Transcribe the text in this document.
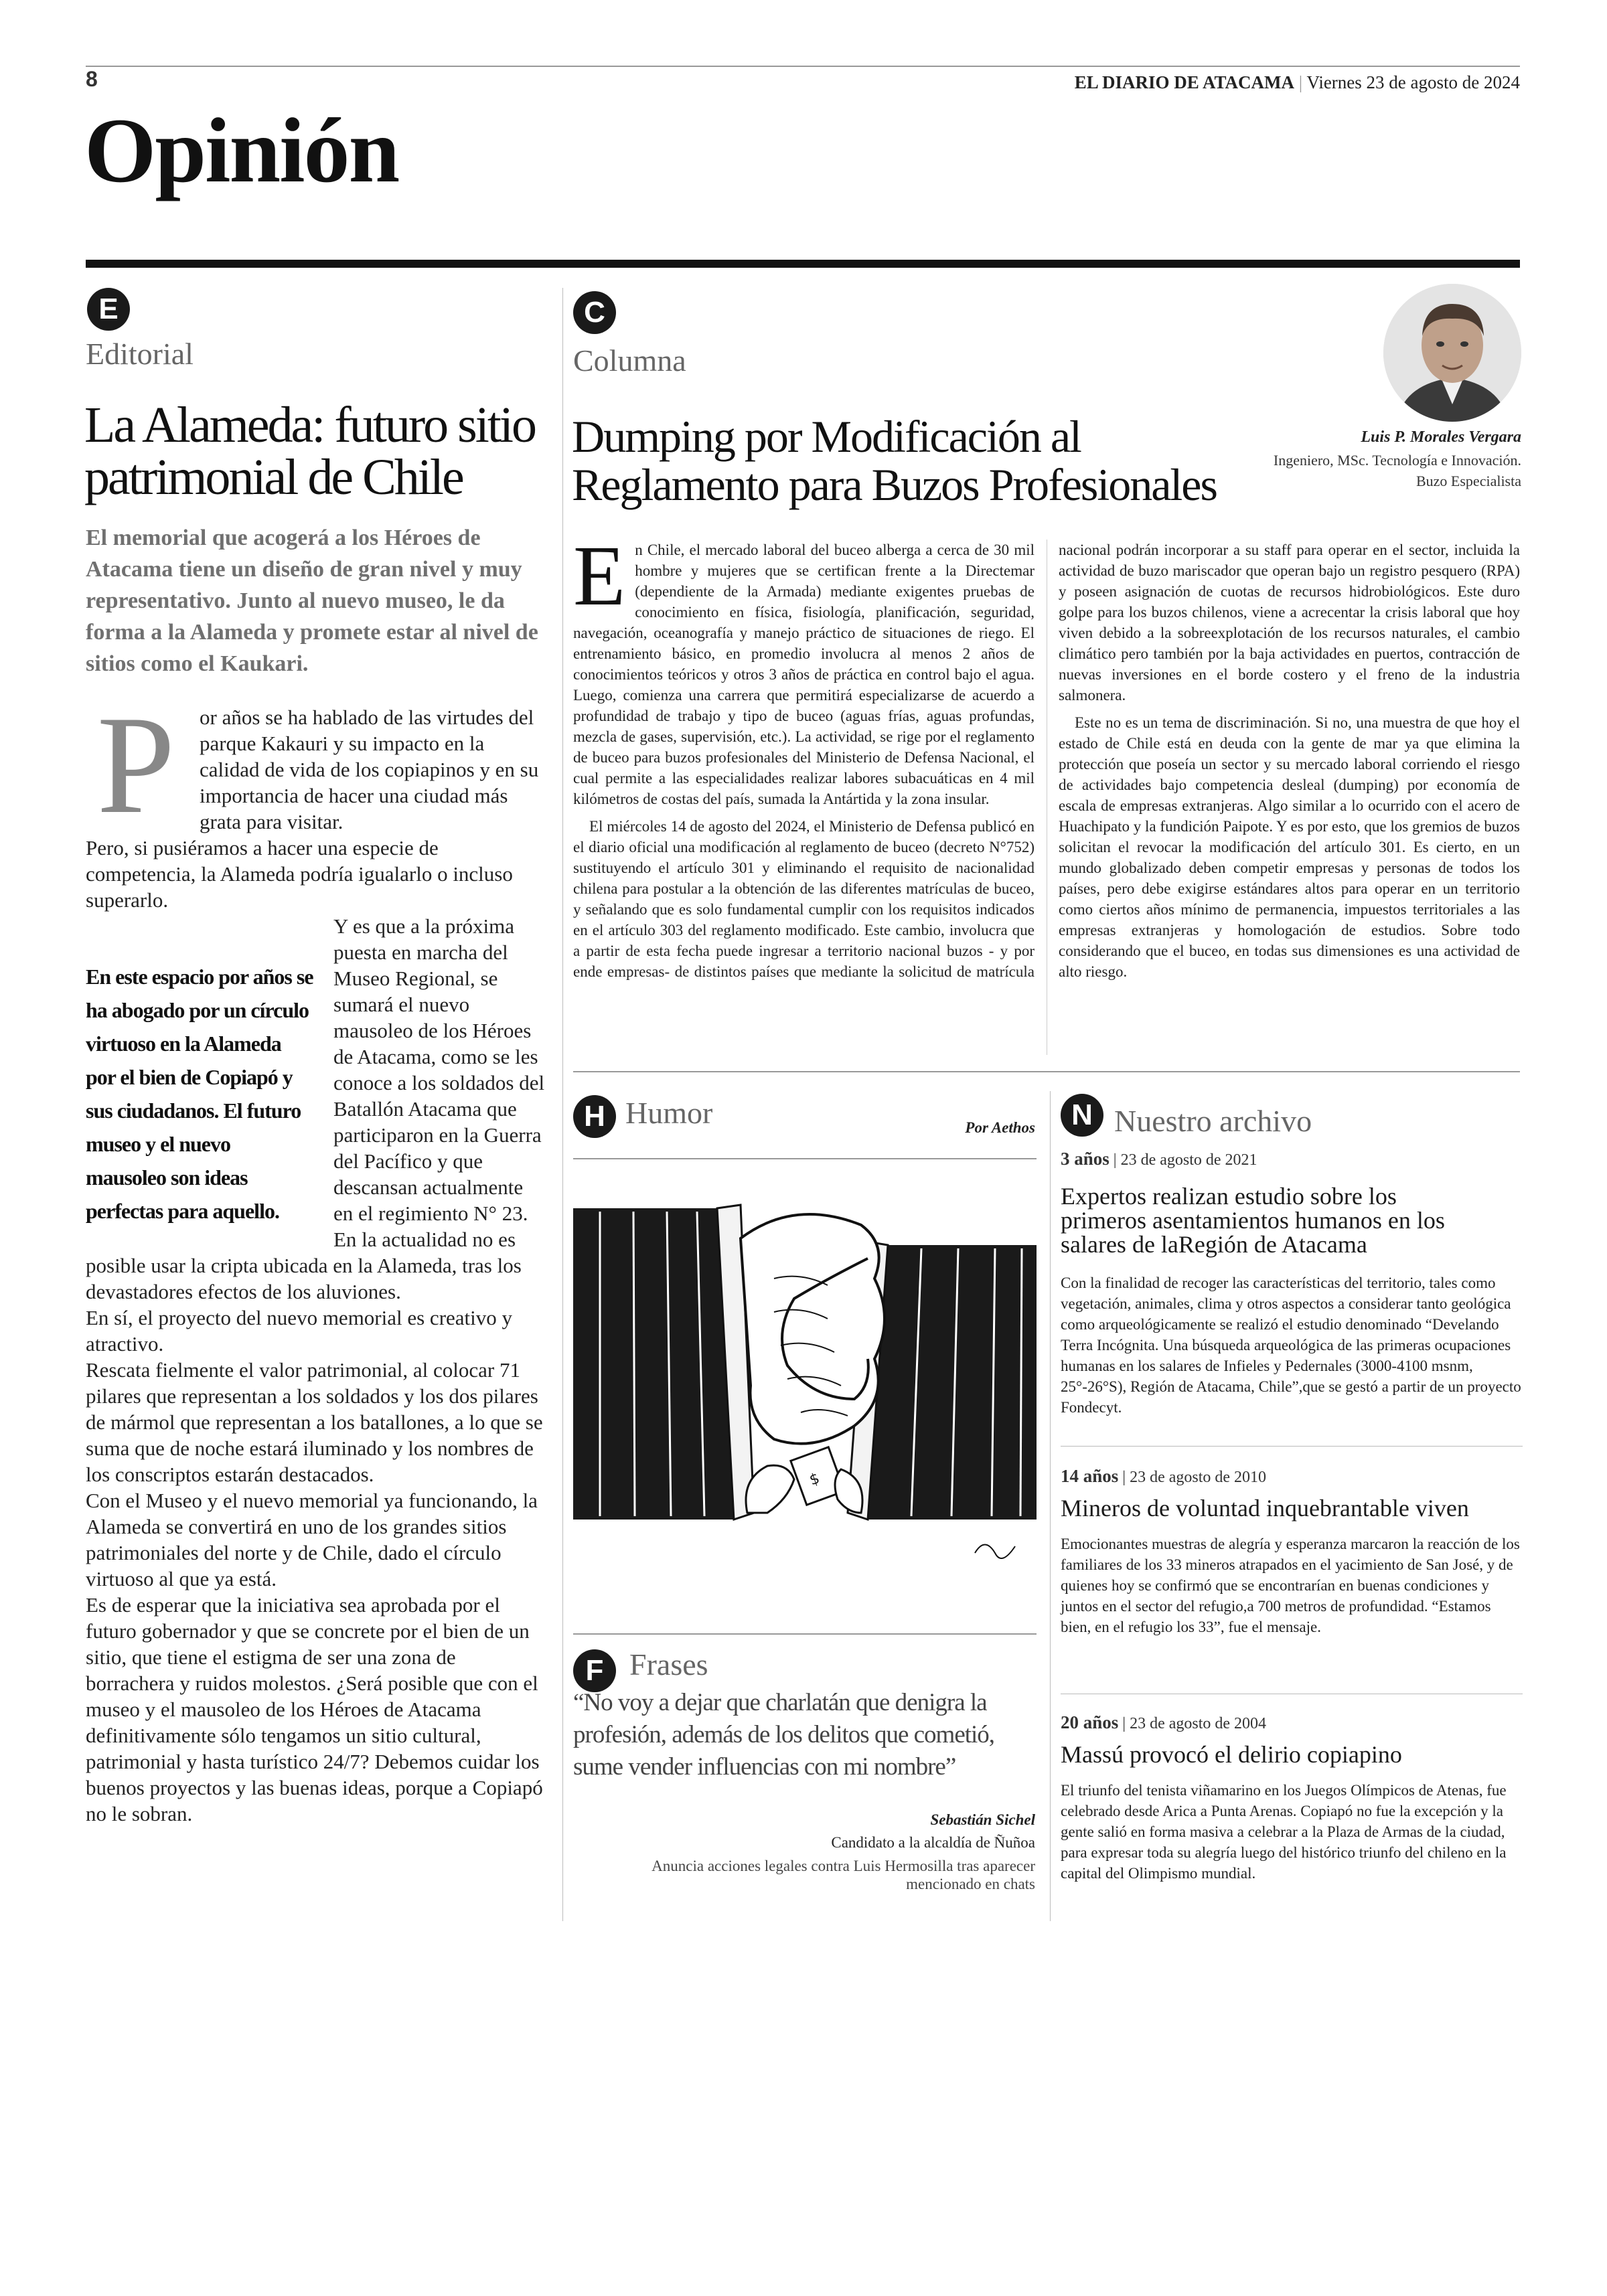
8	EL DIARIO DE ATACAMA | Viernes 23 de agosto de 2024
Opinión
E
Editorial
La Alameda: futuro sitio patrimonial de Chile
El memorial que acogerá a los Héroes de Atacama tiene un diseño de gran nivel y muy representativo. Junto al nuevo museo, le da forma a la Alameda y promete estar al nivel de sitios como el Kaukari.
P	or años se ha hablado de las virtudes del parque Kakauri y su impacto en la calidad de vida de los copiapinos y en su importancia de hacer una ciudad más grata para visitar.

Pero, si pusiéramos a hacer una especie de competencia, la Alameda podría igualarlo o incluso superarlo.

En este espacio por años se ha abogado por un círculo virtuoso en la Alameda por el bien de Copiapó y sus ciudadanos. El futuro museo y el nuevo mausoleo son ideas perfectas para aquello.
Y es que a la próxima puesta en marcha del Museo Regional, se sumará el nuevo mausoleo de los Héroes de Atacama, como se les conoce a los soldados del Batallón Atacama que participaron en la Guerra del Pacífico y que descansan actualmente en el regimiento N° 23. En la actualidad no es posible usar la cripta ubicada en la Alameda, tras los devastadores efectos de los aluviones.

En sí, el proyecto del nuevo memorial es creativo y atractivo.

Rescata fielmente el valor patrimonial, al colocar 71 pilares que representan a los soldados y los dos pilares de mármol que representan a los batallones, a lo que se suma que de noche estará iluminado y los nombres de los conscriptos estarán destacados.

Con el Museo y el nuevo memorial ya funcionando, la Alameda se convertirá en uno de los grandes sitios patrimoniales del norte y de Chile, dado el círculo virtuoso al que ya está.

Es de esperar que la iniciativa sea aprobada por el futuro gobernador y que se concrete por el bien de un sitio, que tiene el estigma de ser una zona de borrachera y ruidos molestos. ¿Será posible que con el museo y el mausoleo de los Héroes de Atacama definitivamente sólo tengamos un sitio cultural, patrimonial y hasta turístico 24/7? Debemos cuidar los buenos proyectos y las buenas ideas, porque a Copiapó no le sobran.

C
Columna
Dumping por Modificación al Reglamento para Buzos Profesionales
Luis P. Morales Vergara
Ingeniero, MSc. Tecnología e Innovación. Buzo Especialista

E n Chile, el mercado laboral del buceo alberga a cerca de 30 mil hombre y mujeres que se certifican frente a la Directemar (dependiente de la Armada) mediante exigentes pruebas de conocimiento en física, fisiología, planificación, seguridad, navegación, oceanografía y manejo práctico de situaciones de riego. El entrenamiento básico, en promedio involucra al menos 2 años de conocimientos teóricos y otros 3 años de práctica en control bajo el agua. Luego, comienza una carrera que permitirá especializarse de acuerdo a profundidad de trabajo y tipo de buceo (aguas frías, aguas profundas, mezcla de gases, supervisión, etc.). La actividad, se rige por el reglamento de buceo para buzos profesionales del Ministerio de Defensa Nacional, el cual permite a las especialidades realizar labores subacuáticas en 4 mil kilómetros de costas del país, sumada la Antártida y la zona insular.

El miércoles 14 de agosto del 2024, el Ministerio de Defensa publicó en el diario oficial una modificación al reglamento de buceo (decreto N°752) sustituyendo el artículo 301 y eliminando el requisito de nacionalidad chilena para postular a la obtención de las diferentes matrículas de buceo, y señalando que es solo fundamental cumplir con los requisitos indicados en el artículo 303 del reglamento modificado. Este cambio, involucra que a partir de esta fecha puede ingresar a territorio nacional buzos - y por ende empresas- de distintos países que mediante la solicitud de matrícula nacional podrán incorporar a su staff para operar en el sector, incluida la actividad de buzo mariscador que operan bajo un registro pesquero (RPA) y poseen asignación de cuotas de recursos hidrobiológicos. Este duro golpe para los buzos chilenos, viene a acrecentar la crisis laboral que hoy viven debido a la sobreexplotación de los recursos naturales, el cambio climático pero también por la baja actividades en puertos, contracción de nuevas inversiones en el borde costero y el freno de la industria salmonera.

Este no es un tema de discriminación. Si no, una muestra de que hoy el estado de Chile está en deuda con la gente de mar ya que elimina la protección que poseía un sector y su mercado laboral corriendo el riesgo de actividades bajo competencia desleal (dumping) por economía de escala de empresas extranjeras. Algo similar a lo ocurrido con el acero de Huachipato y la fundición Paipote. Y es por esto, que los gremios de buzos solicitan el revocar la modificación del artículo 301. Es cierto, en un mundo globalizado deben competir empresas y personas de todos los países, pero debe exigirse estándares altos para operar en un territorio como ciertos años mínimo de permanencia, impuestos territoriales a las empresas extranjeras y homologación de estudios. Sobre todo considerando que el buceo, en todas sus dimensiones es una actividad de alto riesgo.

H Humor	Por Aethos
$
F Frases
“No voy a dejar que charlatán que denigra la profesión, además de los delitos que cometió, sume vender influencias con mi nombre”
Sebastián Sichel
Candidato a la alcaldía de Ñuñoa
Anuncia acciones legales contra Luis Hermosilla tras aparecer mencionado en chats
N Nuestro archivo
3 años | 23 de agosto de 2021
Expertos realizan estudio sobre los primeros asentamientos humanos en los salares de laRegión de Atacama
Con la finalidad de recoger las características del territorio, tales como vegetación, animales, clima y otros aspectos a considerar tanto geológica como arqueológicamente se realizó el estudio denominado “Develando Terra Incógnita. Una búsqueda arqueológica de las primeras ocupaciones humanas en los salares de Infieles y Pedernales (3000-4100 msnm, 25°-26°S), Región de Atacama, Chile”,que se gestó a partir de un proyecto Fondecyt.
14 años | 23 de agosto de 2010
Mineros de voluntad inquebrantable viven
Emocionantes muestras de alegría y esperanza marcaron la reacción de los familiares de los 33 mineros atrapados en el yacimiento de San José, y de quienes hoy se confirmó que se encontrarían en buenas condiciones y juntos en el sector del refugio,a 700 metros de profundidad. “Estamos bien, en el refugio los 33”, fue el mensaje.
20 años | 23 de agosto de 2004
Massú provocó el delirio copiapino
El triunfo del tenista viñamarino en los Juegos Olímpicos de Atenas, fue celebrado desde Arica a Punta Arenas. Copiapó no fue la excepción y la gente salió en forma masiva a celebrar a la Plaza de Armas de la ciudad, para expresar toda su alegría luego del histórico triunfo del chileno en la capital del Olimpismo mundial.
